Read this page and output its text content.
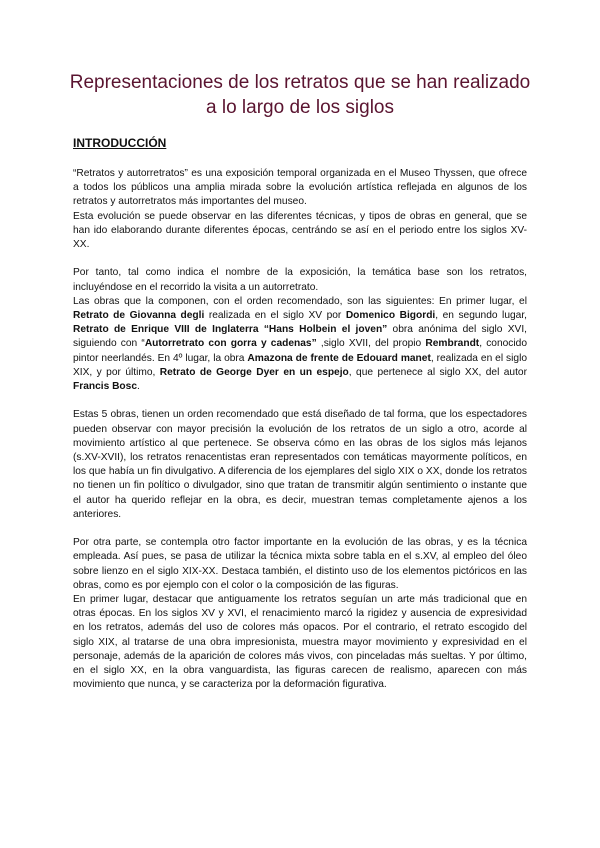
Representaciones de los retratos que se han realizado
a lo largo de los siglos
INTRODUCCIÓN

“Retratos y autorretratos” es una exposición temporal organizada en el Museo Thyssen, que ofrece a todos los públicos una amplia mirada sobre la evolución artística reflejada en algunos de los retratos y autorretratos más importantes del museo.

Esta evolución se puede observar en las diferentes técnicas, y tipos de obras en general, que se han ido elaborando durante diferentes épocas, centrándo se así en el periodo entre los siglos XV-XX.

Por tanto, tal como indica el nombre de la exposición, la temática base son los retratos, incluyéndose en el recorrido la visita a un autorretrato.

Las obras que la componen, con el orden recomendado, son las siguientes: En primer lugar, el Retrato de Giovanna degli realizada en el siglo XV por Domenico Bigordi, en segundo lugar, Retrato de Enrique VIII de Inglaterra “Hans Holbein el joven” obra anónima del siglo XVI, siguiendo con “Autorretrato con gorra y cadenas” ,siglo XVII, del propio Rembrandt, conocido pintor neerlandés. En 4º lugar, la obra Amazona de frente de Edouard manet, realizada en el siglo XIX, y por último, Retrato de George Dyer en un espejo, que pertenece al siglo XX, del autor Francis Bosc.

Estas 5 obras, tienen un orden recomendado que está diseñado de tal forma, que los espectadores pueden observar con mayor precisión la evolución de los retratos de un siglo a otro, acorde al movimiento artístico al que pertenece. Se observa cómo en las obras de los siglos más lejanos (s.XV-XVII), los retratos renacentistas eran representados con temáticas mayormente políticos, en los que había un fin divulgativo. A diferencia de los ejemplares del siglo XIX o XX, donde los retratos no tienen un fin político o divulgador, sino que tratan de transmitir algún sentimiento o instante que el autor ha querido reflejar en la obra, es decir, muestran temas completamente ajenos a los anteriores.

Por otra parte, se contempla otro factor importante en la evolución de las obras, y es la técnica empleada. Así pues, se pasa de utilizar la técnica mixta sobre tabla en el s.XV, al empleo del óleo sobre lienzo en el siglo XIX-XX. Destaca también, el distinto uso de los elementos pictóricos en las obras, como es por ejemplo con el color o la composición de las figuras.

En primer lugar, destacar que antiguamente los retratos seguían un arte más tradicional que en otras épocas. En los siglos XV y XVI, el renacimiento marcó la rigidez y ausencia de expresividad en los retratos, además del uso de colores más opacos. Por el contrario, el retrato escogido del siglo XIX, al tratarse de una obra impresionista, muestra mayor movimiento y expresividad en el personaje, además de la aparición de colores más vivos, con pinceladas más sueltas. Y por último, en el siglo XX, en la obra vanguardista, las figuras carecen de realismo, aparecen con más movimiento que nunca, y se caracteriza por la deformación figurativa.
